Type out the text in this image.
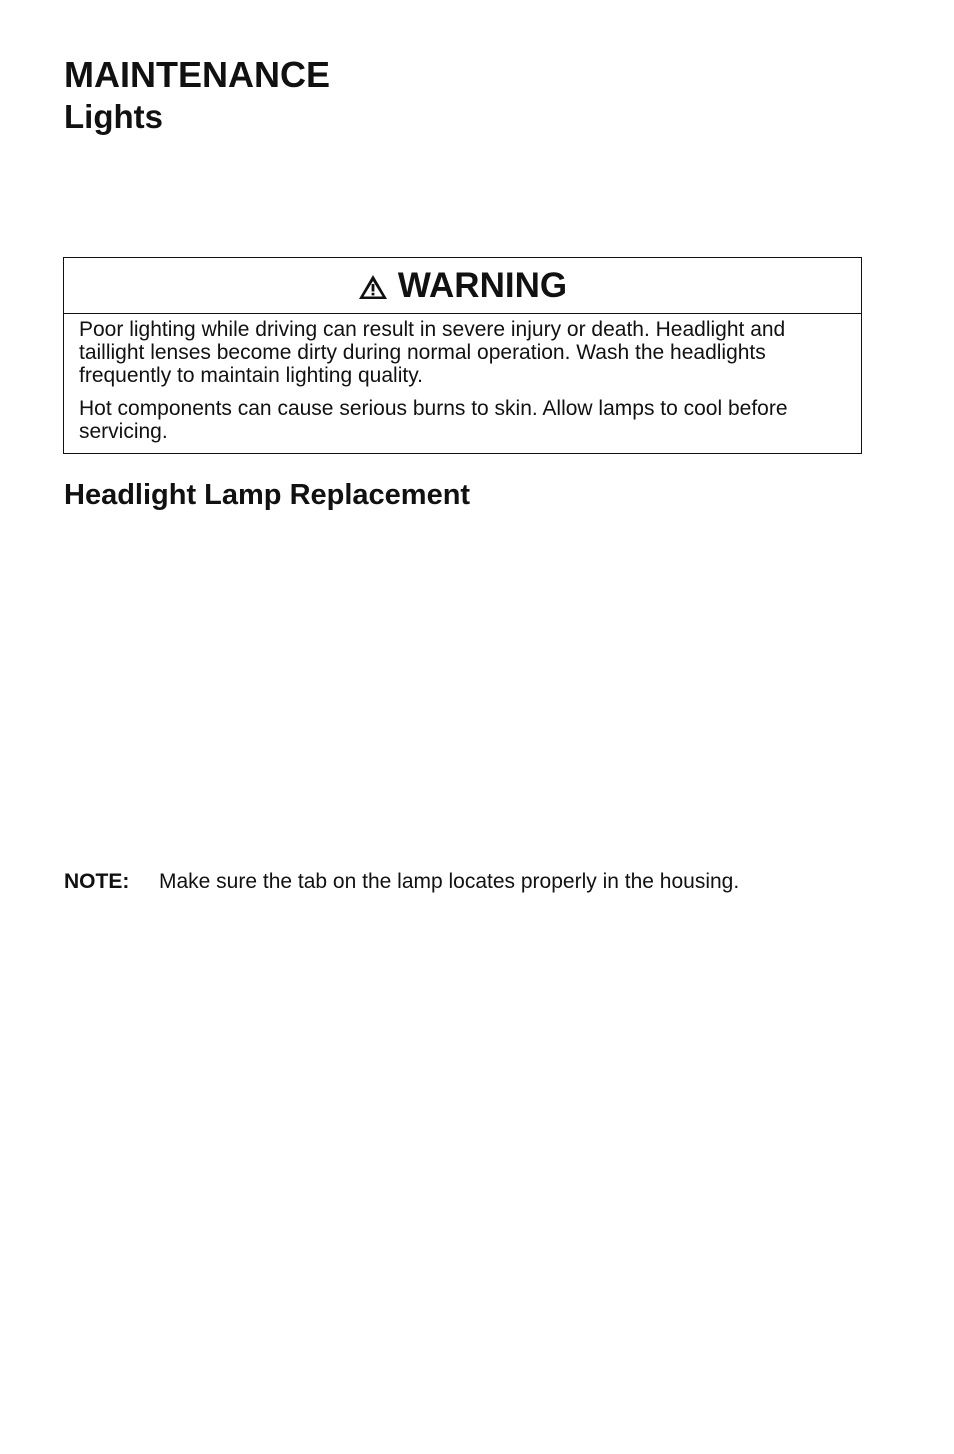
MAINTENANCE
Lights
WARNING

Poor lighting while driving can result in severe injury or death. Headlight and taillight lenses become dirty during normal operation. Wash the headlights frequently to maintain lighting quality.

Hot components can cause serious burns to skin. Allow lamps to cool before servicing.

Headlight Lamp Replacement
NOTE: Make sure the tab on the lamp locates properly in the housing.
